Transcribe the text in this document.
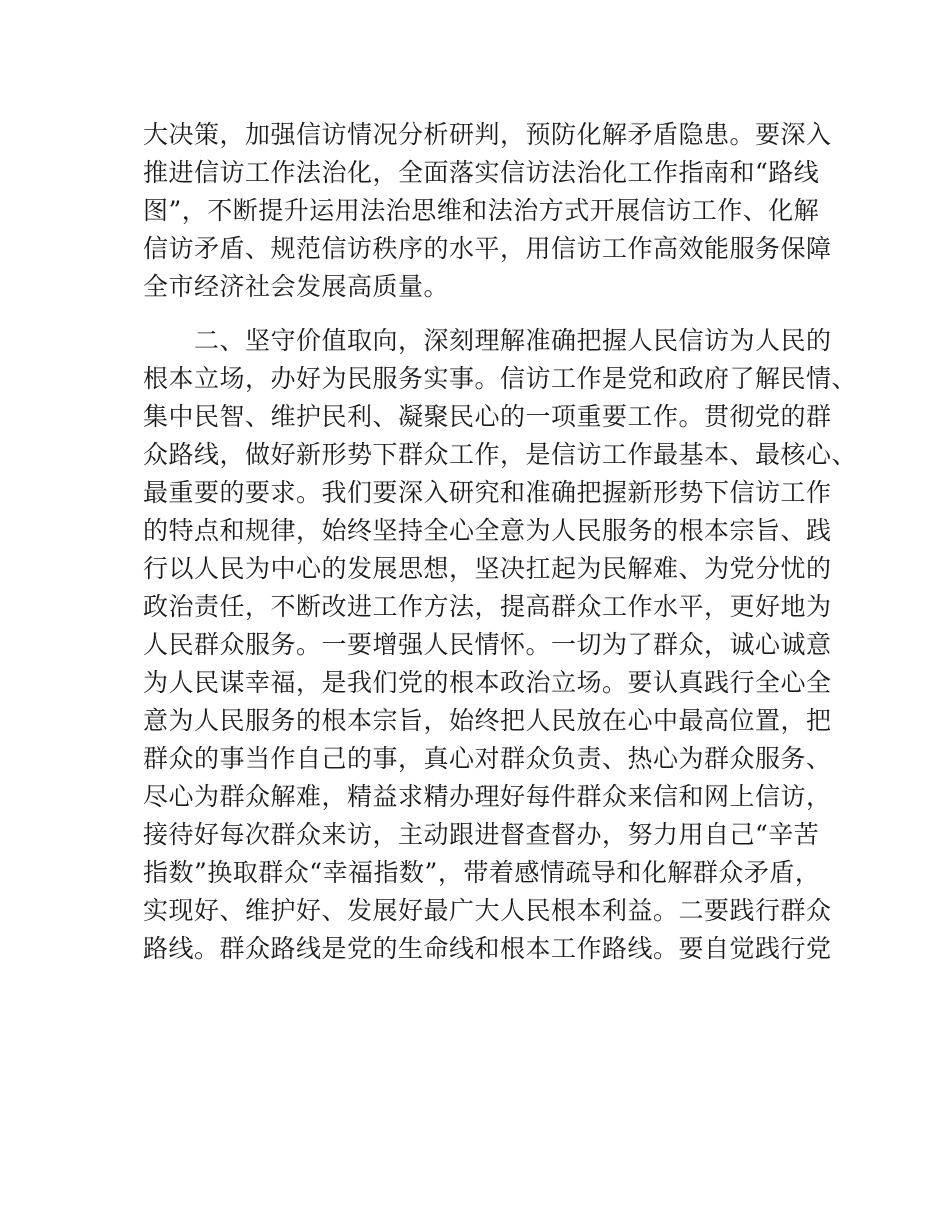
大决策，加强信访情况分析研判，预防化解矛盾隐患。要深入
推进信访工作法治化，全面落实信访法治化工作指南和“路线
图”，不断提升运用法治思维和法治方式开展信访工作、化解
信访矛盾、规范信访秩序的水平，用信访工作高效能服务保障
全市经济社会发展高质量。
　　二、坚守价值取向，深刻理解准确把握人民信访为人民的
根本立场，办好为民服务实事。信访工作是党和政府了解民情、
集中民智、维护民利、凝聚民心的一项重要工作。贯彻党的群
众路线，做好新形势下群众工作，是信访工作最基本、最核心、
最重要的要求。我们要深入研究和准确把握新形势下信访工作
的特点和规律，始终坚持全心全意为人民服务的根本宗旨、践
行以人民为中心的发展思想，坚决扛起为民解难、为党分忧的
政治责任，不断改进工作方法，提高群众工作水平，更好地为
人民群众服务。一要增强人民情怀。一切为了群众，诚心诚意
为人民谋幸福，是我们党的根本政治立场。要认真践行全心全
意为人民服务的根本宗旨，始终把人民放在心中最高位置，把
群众的事当作自己的事，真心对群众负责、热心为群众服务、
尽心为群众解难，精益求精办理好每件群众来信和网上信访，
接待好每次群众来访，主动跟进督查督办，努力用自己“辛苦
指数”换取群众“幸福指数”，带着感情疏导和化解群众矛盾，
实现好、维护好、发展好最广大人民根本利益。二要践行群众
路线。群众路线是党的生命线和根本工作路线。要自觉践行党
